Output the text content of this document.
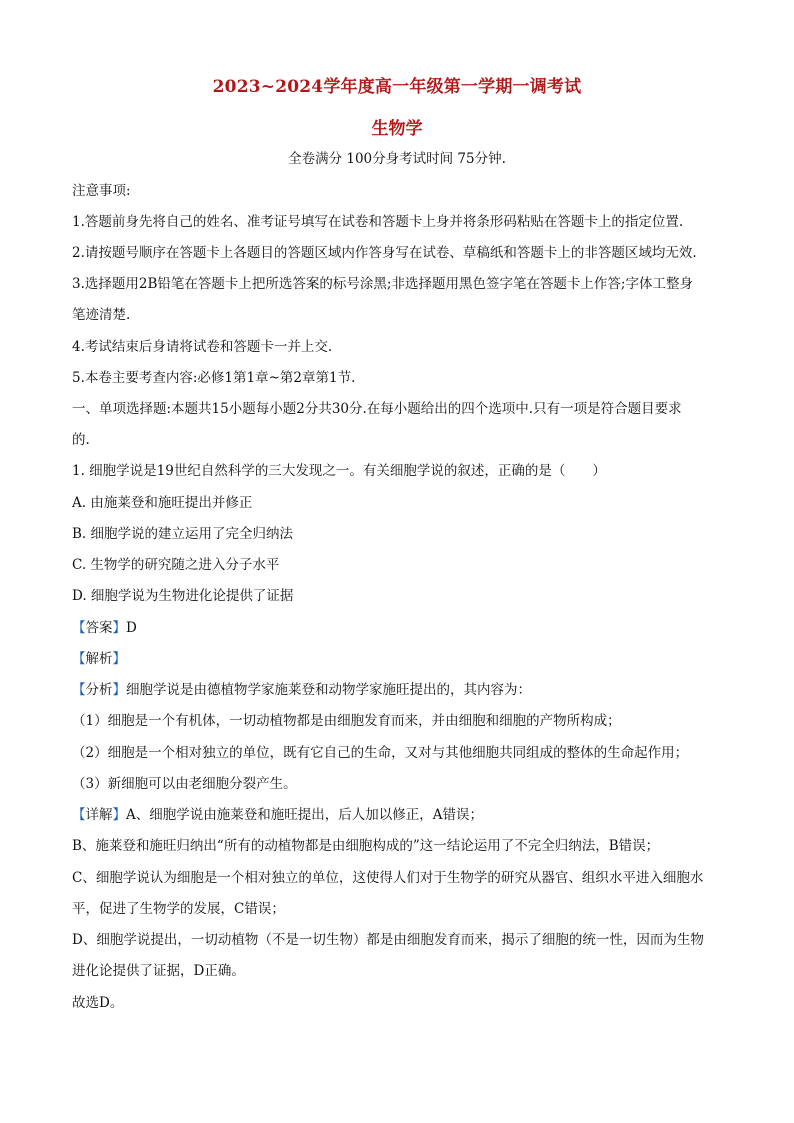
2023~2024学年度高一年级第一学期一调考试
生物学
全卷满分 100分身考试时间 75分钟.
注意事项:
1.答题前身先将自己的姓名、准考证号填写在试卷和答题卡上身并将条形码粘贴在答题卡上的指定位置.
2.请按题号顺序在答题卡上各题目的答题区域内作答身写在试卷、草稿纸和答题卡上的非答题区域均无效.
3.选择题用2B铅笔在答题卡上把所选答案的标号涂黑;非选择题用黑色签字笔在答题卡上作答;字体工整身
笔迹清楚.
4.考试结束后身请将试卷和答题卡一并上交.
5.本卷主要考查内容:必修1第1章~第2章第1节.
一、单项选择题:本题共15小题每小题2分共30分.在每小题给出的四个选项中.只有一项是符合题目要求
的.
1. 细胞学说是19世纪自然科学的三大发现之一。有关细胞学说的叙述，正确的是（　　）
A. 由施莱登和施旺提出并修正
B. 细胞学说的建立运用了完全归纳法
C. 生物学的研究随之进入分子水平
D. 细胞学说为生物进化论提供了证据
【答案】D
【解析】
【分析】细胞学说是由德植物学家施莱登和动物学家施旺提出的，其内容为：
（1）细胞是一个有机体，一切动植物都是由细胞发育而来，并由细胞和细胞的产物所构成；
（2）细胞是一个相对独立的单位，既有它自己的生命，又对与其他细胞共同组成的整体的生命起作用；
（3）新细胞可以由老细胞分裂产生。
【详解】A、细胞学说由施莱登和施旺提出，后人加以修正，A错误；
B、施莱登和施旺归纳出“所有的动植物都是由细胞构成的”这一结论运用了不完全归纳法，B错误；
C、细胞学说认为细胞是一个相对独立的单位，这使得人们对于生物学的研究从器官、组织水平进入细胞水
平，促进了生物学的发展，C错误；
D、细胞学说提出，一切动植物（不是一切生物）都是由细胞发育而来，揭示了细胞的统一性，因而为生物
进化论提供了证据，D正确。
故选D。
